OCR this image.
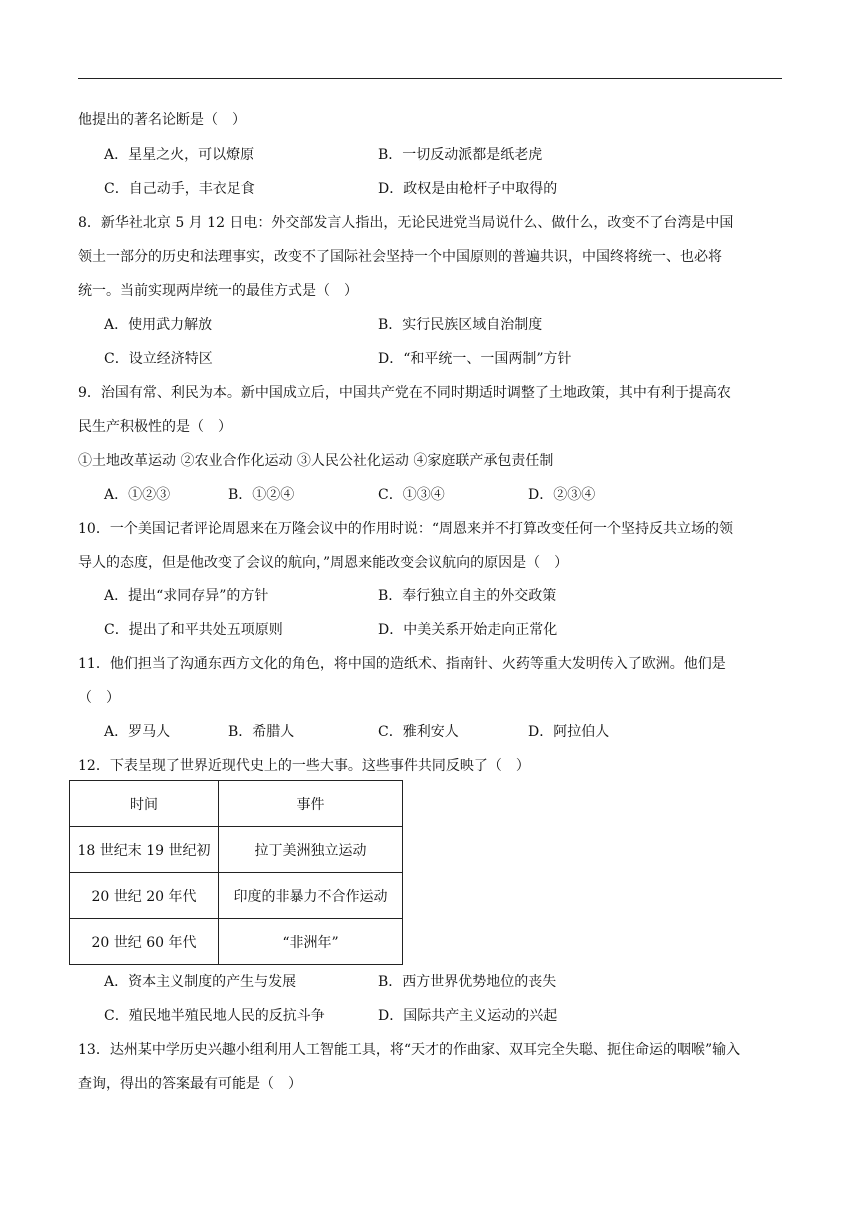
他提出的著名论断是（　）
A．星星之火，可以燎原	B．一切反动派都是纸老虎
C．自己动手，丰衣足食	D．政权是由枪杆子中取得的
8．新华社北京 5 月 12 日电：外交部发言人指出，无论民进党当局说什么、做什么，改变不了台湾是中国
领土一部分的历史和法理事实，改变不了国际社会坚持一个中国原则的普遍共识，中国终将统一、也必将
统一。当前实现两岸统一的最佳方式是（　）
A．使用武力解放	B．实行民族区域自治制度
C．设立经济特区	D．“和平统一、一国两制”方针
9．治国有常、利民为本。新中国成立后，中国共产党在不同时期适时调整了土地政策，其中有利于提高农
民生产积极性的是（　）
①土地改革运动 ②农业合作化运动 ③人民公社化运动 ④家庭联产承包责任制
A．①②③	B．①②④	C．①③④	D．②③④
10．一个美国记者评论周恩来在万隆会议中的作用时说：“周恩来并不打算改变任何一个坚持反共立场的领
导人的态度，但是他改变了会议的航向，”周恩来能改变会议航向的原因是（　）
A．提出“求同存异”的方针	B．奉行独立自主的外交政策
C．提出了和平共处五项原则	D．中美关系开始走向正常化
11．他们担当了沟通东西方文化的角色，将中国的造纸术、指南针、火药等重大发明传入了欧洲。他们是
（　）
A．罗马人	B．希腊人	C．雅利安人	D．阿拉伯人
12．下表呈现了世界近现代史上的一些大事。这些事件共同反映了（　）
时间	事件
18 世纪末 19 世纪初	拉丁美洲独立运动
20 世纪 20 年代	印度的非暴力不合作运动
20 世纪 60 年代	“非洲年”
A．资本主义制度的产生与发展	B．西方世界优势地位的丧失
C．殖民地半殖民地人民的反抗斗争	D．国际共产主义运动的兴起
13．达州某中学历史兴趣小组利用人工智能工具，将“天才的作曲家、双耳完全失聪、扼住命运的咽喉”输入
查询，得出的答案最有可能是（　）
